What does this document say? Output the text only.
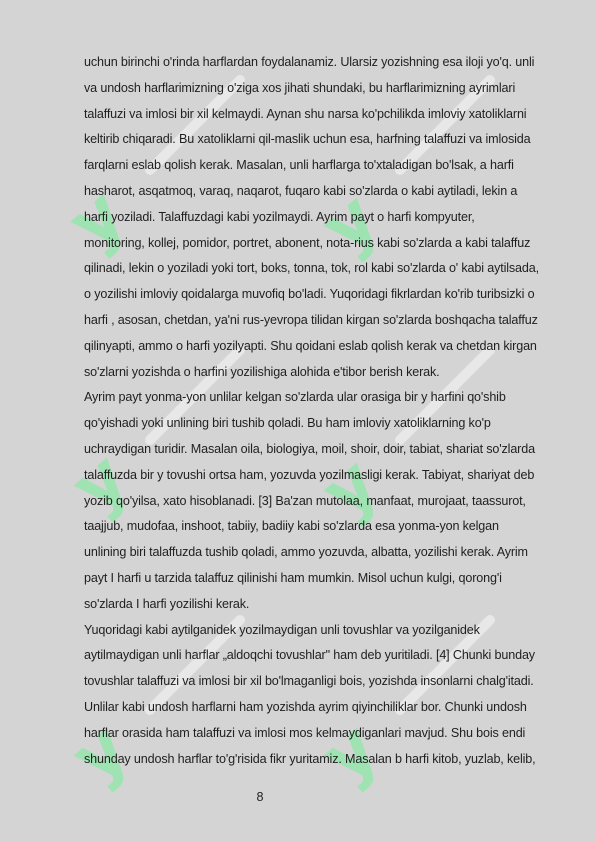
y
y
y
y
y
y
uchun birinchi o'rinda harflardan foydalanamiz. Ularsiz yozishning esa iloji yo'q. unli
va undosh harflarimizning o'ziga xos jihati shundaki, bu harflarimizning ayrimlari
talaffuzi va imlosi bir xil kelmaydi. Aynan shu narsa ko'pchilikda imloviy xatoliklarni
keltirib chiqaradi. Bu xatoliklarni qil-maslik uchun esa, harfning talaffuzi va imlosida
farqlarni eslab qolish kerak. Masalan, unli harflarga to'xtaladigan bo'lsak, a harfi
hasharot, asqatmoq, varaq, naqarot, fuqaro kabi so'zlarda o kabi aytiladi, lekin a
harfi yoziladi. Talaffuzdagi kabi yozilmaydi. Ayrim payt o harfi kompyuter,
monitoring, kollej, pomidor, portret, abonent, nota-rius kabi so'zlarda a kabi talaffuz
qilinadi, lekin o yoziladi yoki tort, boks, tonna, tok, rol kabi so'zlarda o' kabi aytilsada,
o yozilishi imloviy qoidalarga muvofiq bo'ladi. Yuqoridagi fikrlardan ko'rib turibsizki o
harfi , asosan, chetdan, ya'ni rus-yevropa tilidan kirgan so'zlarda boshqacha talaffuz
qilinyapti, ammo o harfi yozilyapti. Shu qoidani eslab qolish kerak va chetdan kirgan
so'zlarni yozishda o harfini yozilishiga alohida e'tibor berish kerak.
Ayrim payt yonma-yon unlilar kelgan so'zlarda ular orasiga bir y harfini qo'shib
qo'yishadi yoki unlining biri tushib qoladi. Bu ham imloviy xatoliklarning ko'p
uchraydigan turidir. Masalan oila, biologiya, moil, shoir, doir, tabiat, shariat so'zlarda
talaffuzda bir y tovushi ortsa ham, yozuvda yozilmasligi kerak. Tabiyat, shariyat deb
yozib qo'yilsa, xato hisoblanadi. [3] Ba'zan mutolaa, manfaat, murojaat, taassurot,
taajjub, mudofaa, inshoot, tabiiy, badiiy kabi so'zlarda esa yonma-yon kelgan
unlining biri talaffuzda tushib qoladi, ammo yozuvda, albatta, yozilishi kerak. Ayrim
payt I harfi u tarzida talaffuz qilinishi ham mumkin. Misol uchun kulgi, qorong'i
so'zlarda I harfi yozilishi kerak.
Yuqoridagi kabi aytilganidek yozilmaydigan unli tovushlar va yozilganidek
aytilmaydigan unli harflar „aldoqchi tovushlar" ham deb yuritiladi. [4] Chunki bunday
tovushlar talaffuzi va imlosi bir xil bo'lmaganligi bois, yozishda insonlarni chalg'itadi.
Unlilar kabi undosh harflarni ham yozishda ayrim qiyinchiliklar bor. Chunki undosh
harflar orasida ham talaffuzi va imlosi mos kelmaydiganlari mavjud. Shu bois endi
shunday undosh harflar to'g'risida fikr yuritamiz. Masalan b harfi kitob, yuzlab, kelib,
8
